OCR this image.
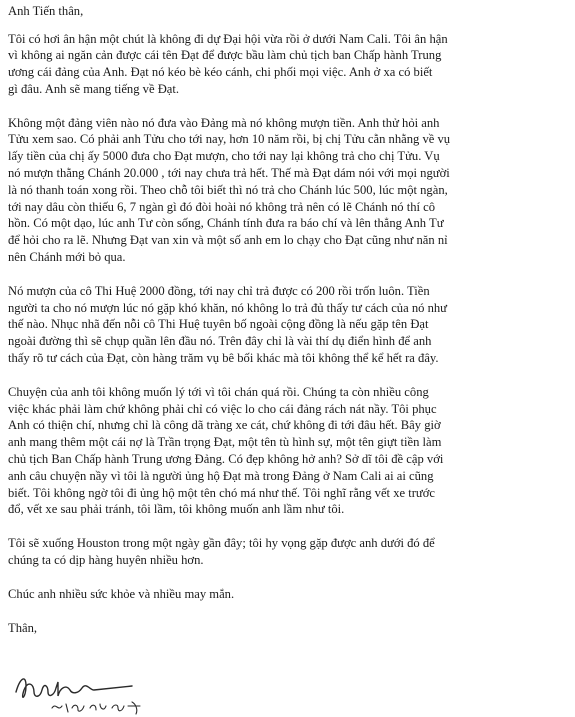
Anh Tiến thân,
Tôi có hơi ân hận một chút là không đi dự Đại hội vừa rồi ở dưới Nam Cali. Tôi ân hận
vì không ai ngăn cản được cái tên Đạt để được bầu làm chủ tịch ban Chấp hành Trung
ương cái đảng của Anh. Đạt nó kéo bè kéo cánh, chi phối mọi việc. Anh ở xa có biết
gì đâu. Anh sẽ mang tiếng về Đạt.
Không một đảng viên nào nó đưa vào Đảng mà nó không mượn tiền. Anh thử hỏi anh
Tửu xem sao. Có phải anh Tửu cho tới nay, hơn 10 năm rồi, bị chị Tửu cằn nhằng về vụ
lấy tiền của chị ấy 5000 đưa cho Đạt mượn, cho tới nay lại không trả cho chị Tửu. Vụ
nó mượn thằng Chánh 20.000 , tới nay chưa trả hết. Thế mà Đạt dám nói với mọi người
là nó thanh toán xong rồi. Theo chỗ tôi biết thì nó trả cho Chánh lúc 500, lúc một ngàn,
tới nay dâu còn thiếu 6, 7 ngàn gì đó đòi hoài nó không trả nên có lẽ Chánh nó thí cô
hồn. Có một dạo, lúc anh Tư còn sống, Chánh tính đưa ra báo chí và lên thẳng Anh Tư
để hỏi cho ra lẽ. Nhưng Đạt van xin và một số anh em lo chạy cho Đạt cũng như năn nỉ
nên Chánh mới bỏ qua.
Nó mượn của cô Thi Huệ 2000 đồng, tới nay chỉ trả được có 200 rồi trốn luôn. Tiền
người ta cho nó mượn lúc nó gặp khó khăn, nó không lo trả đủ thấy tư cách của nó như
thế nào. Nhục nhã đến nỗi cô Thi Huệ tuyên bố ngoài cộng đồng là nếu gặp tên Đạt
ngoài đường thì sẽ chụp quần lên đầu nó. Trên đây chỉ là vài thí dụ điển hình để anh
thấy rõ tư cách của Đạt, còn hàng trăm vụ bê bối khác mà tôi không thể kể hết ra đây.
Chuyện của anh tôi không muốn lý tới vì tôi chán quá rồi. Chúng ta còn nhiều công
việc khác phải làm chứ không phải chỉ có việc lo cho cái đảng rách nát nầy. Tôi phục
Anh có thiện chí, nhưng chỉ là công dã tràng xe cát, chứ không đi tới đâu hết. Bây giờ
anh mang thêm một cái nợ là Trần trọng Đạt, một tên tù hình sự, một tên giựt tiền làm
chủ tịch Ban Chấp hành Trung ương Đảng. Có đẹp không hở anh? Sở dĩ tôi đề cập với
anh câu chuyện nầy vì tôi là người ủng hộ Đạt mà trong Đảng ở Nam Cali ai ai cũng
biết. Tôi không ngờ tôi đi ủng hộ một tên chó má như thế. Tôi nghĩ rằng vết xe trước
đổ, vết xe sau phải tránh, tôi lầm, tôi không muốn anh lầm như tôi.
Tôi sẽ xuống Houston trong một ngày gần đây; tôi hy vọng gặp được anh dưới đó để
chúng ta có dịp hàng huyên nhiều hơn.
Chúc anh nhiều sức khỏe và nhiều may mắn.
Thân,
